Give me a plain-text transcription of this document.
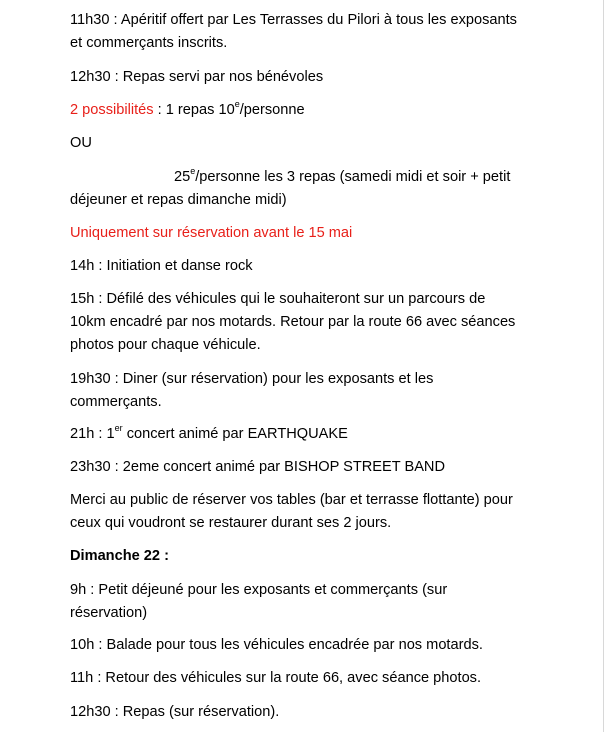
11h30 : Apéritif offert par Les Terrasses du Pilori à tous les exposants
et commerçants inscrits.

12h30 : Repas servi par nos bénévoles

2 possibilités : 1 repas 10e/personne

OU

25e/personne les 3 repas (samedi midi et soir + petit
déjeuner et repas dimanche midi)

Uniquement sur réservation avant le 15 mai

14h : Initiation et danse rock

15h : Défilé des véhicules qui le souhaiteront sur un parcours de
10km encadré par nos motards. Retour par la route 66 avec séances
photos pour chaque véhicule.

19h30 : Diner (sur réservation) pour les exposants et les
commerçants.

21h : 1er concert animé par EARTHQUAKE

23h30 : 2eme concert animé par BISHOP STREET BAND

Merci au public de réserver vos tables (bar et terrasse flottante) pour
ceux qui voudront se restaurer durant ses 2 jours.

Dimanche 22 :

9h : Petit déjeuné pour les exposants et commerçants (sur
réservation)

10h : Balade pour tous les véhicules encadrée par nos motards.

11h : Retour des véhicules sur la route 66, avec séance photos.

12h30 : Repas (sur réservation).
